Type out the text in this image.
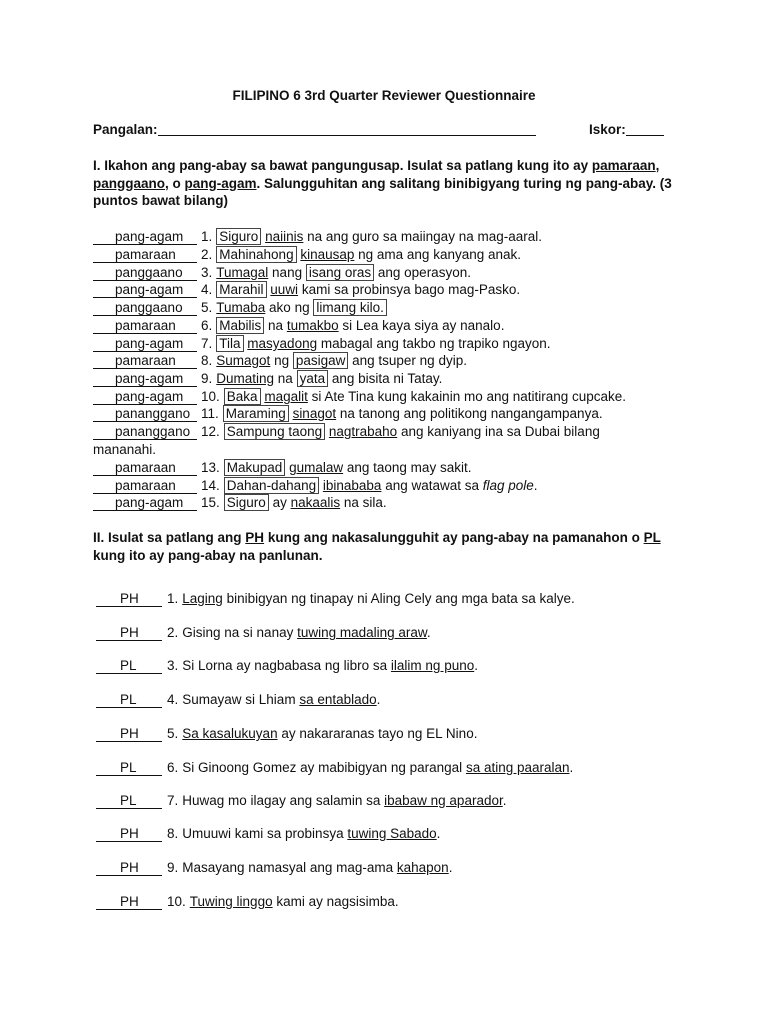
FILIPINO 6 3rd Quarter Reviewer Questionnaire
Pangalan:	Iskor:
I. Ikahon ang pang-abay sa bawat pangungusap. Isulat sa patlang kung ito ay pamaraan, panggaano, o pang-agam. Salungguhitan ang salitang binibigyang turing ng pang-abay. (3 puntos bawat bilang)
pang-agam 1. Siguro naiinis na ang guro sa maiingay na mag-aaral.
pamaraan 2. Mahinahong kinausap ng ama ang kanyang anak.
panggaano 3. Tumagal nang isang oras ang operasyon.
pang-agam 4. Marahil uuwi kami sa probinsya bago mag-Pasko.
panggaano 5. Tumaba ako ng limang kilo.
pamaraan 6. Mabilis na tumakbo si Lea kaya siya ay nanalo.
pang-agam 7. Tila masyadong mabagal ang takbo ng trapiko ngayon.
pamaraan 8. Sumagot ng pasigaw ang tsuper ng dyip.
pang-agam 9. Dumating na yata ang bisita ni Tatay.
pang-agam 10. Baka magalit si Ate Tina kung kakainin mo ang natitirang cupcake.
pananggano 11. Maraming sinagot na tanong ang politikong nangangampanya.
pananggano 12. Sampung taong nagtrabaho ang kaniyang ina sa Dubai bilang
pamaraan 13. Makupad gumalaw ang taong may sakit.
pamaraan 14. Dahan-dahang ibinababa ang watawat sa flag pole.
pang-agam 15. Siguro ay nakaalis na sila.
mananahi.
II. Isulat sa patlang ang PH kung ang nakasalungguhit ay pang-abay na pamanahon o PL kung ito ay pang-abay na panlunan.
PH 1. Laging binibigyan ng tinapay ni Aling Cely ang mga bata sa kalye.
PH 2. Gising na si nanay tuwing madaling araw.
PL 3. Si Lorna ay nagbabasa ng libro sa ilalim ng puno.
PL 4. Sumayaw si Lhiam sa entablado.
PH 5. Sa kasalukuyan ay nakararanas tayo ng EL Nino.
PL 6. Si Ginoong Gomez ay mabibigyan ng parangal sa ating paaralan.
PL 7. Huwag mo ilagay ang salamin sa ibabaw ng aparador.
PH 8. Umuuwi kami sa probinsya tuwing Sabado.
PH 9. Masayang namasyal ang mag-ama kahapon.
PH 10. Tuwing linggo kami ay nagsisimba.
